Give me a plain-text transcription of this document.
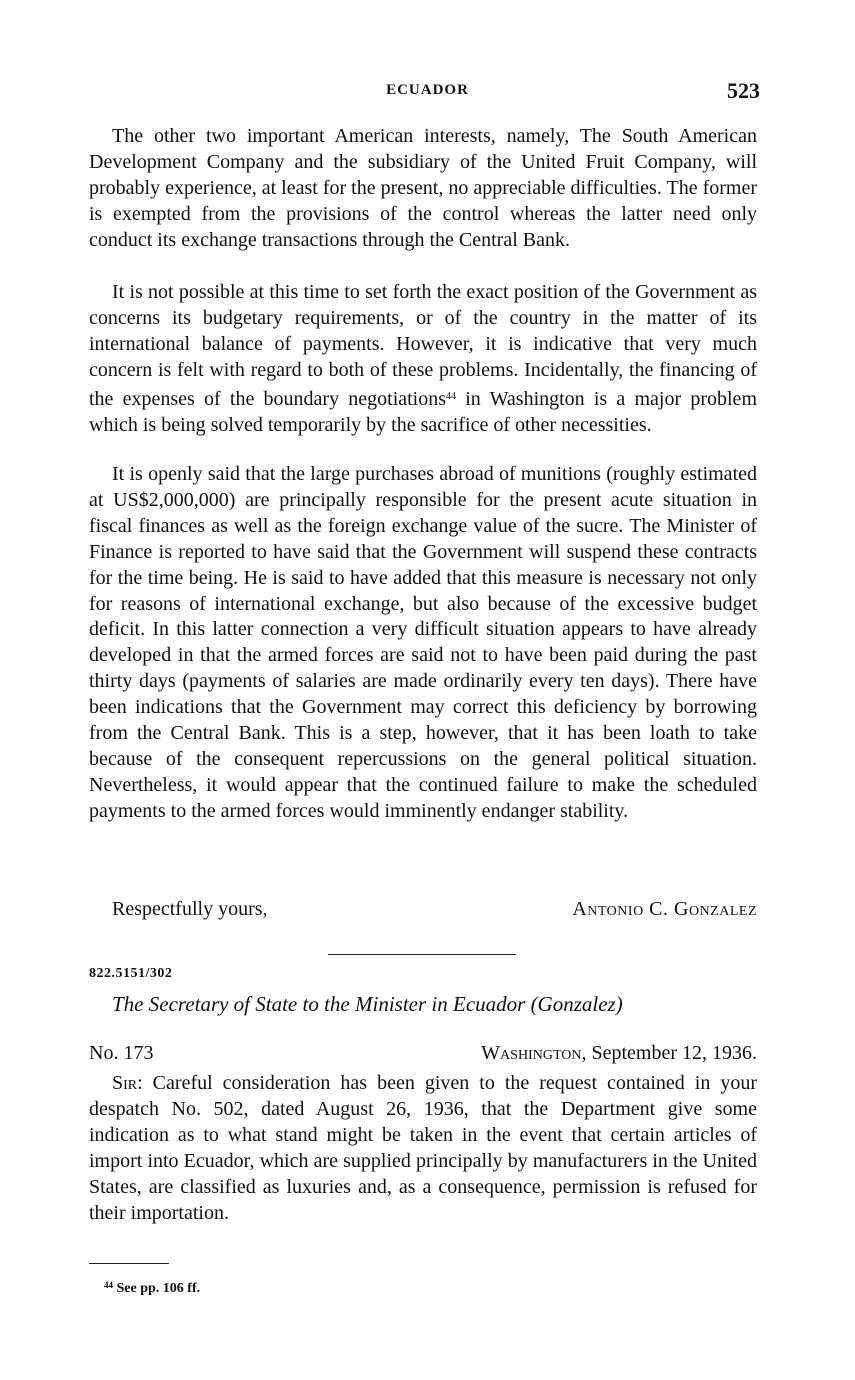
ECUADOR	523

The other two important American interests, namely, The South American Development Company and the subsidiary of the United Fruit Company, will probably experience, at least for the present, no appreciable difficulties. The former is exempted from the provisions of the control whereas the latter need only conduct its exchange transactions through the Central Bank.

It is not possible at this time to set forth the exact position of the Government as concerns its budgetary requirements, or of the country in the matter of its international balance of payments. However, it is indicative that very much concern is felt with regard to both of these problems. Incidentally, the financing of the expenses of the boundary negotiations$^{44}$ in Washington is a major problem which is being solved temporarily by the sacrifice of other necessities.

It is openly said that the large purchases abroad of munitions (roughly estimated at US$2,000,000) are principally responsible for the present acute situation in fiscal finances as well as the foreign exchange value of the sucre. The Minister of Finance is reported to have said that the Government will suspend these contracts for the time being. He is said to have added that this measure is necessary not only for reasons of international exchange, but also because of the excessive budget deficit. In this latter connection a very difficult situation appears to have already developed in that the armed forces are said not to have been paid during the past thirty days (payments of salaries are made ordinarily every ten days). There have been indications that the Government may correct this deficiency by borrowing from the Central Bank. This is a step, however, that it has been loath to take because of the consequent repercussions on the general political situation. Nevertheless, it would appear that the continued failure to make the scheduled payments to the armed forces would imminently endanger stability.

Respectfully yours,	Antonio C. Gonzalez
822.5151/302
The Secretary of State to the Minister in Ecuador (Gonzalez)
No. 173	Washington, September 12, 1936.

Sir: Careful consideration has been given to the request contained in your despatch No. 502, dated August 26, 1936, that the Department give some indication as to what stand might be taken in the event that certain articles of import into Ecuador, which are supplied principally by manufacturers in the United States, are classified as luxuries and, as a consequence, permission is refused for their importation.

$^{44}$ See pp. 106 ff.
